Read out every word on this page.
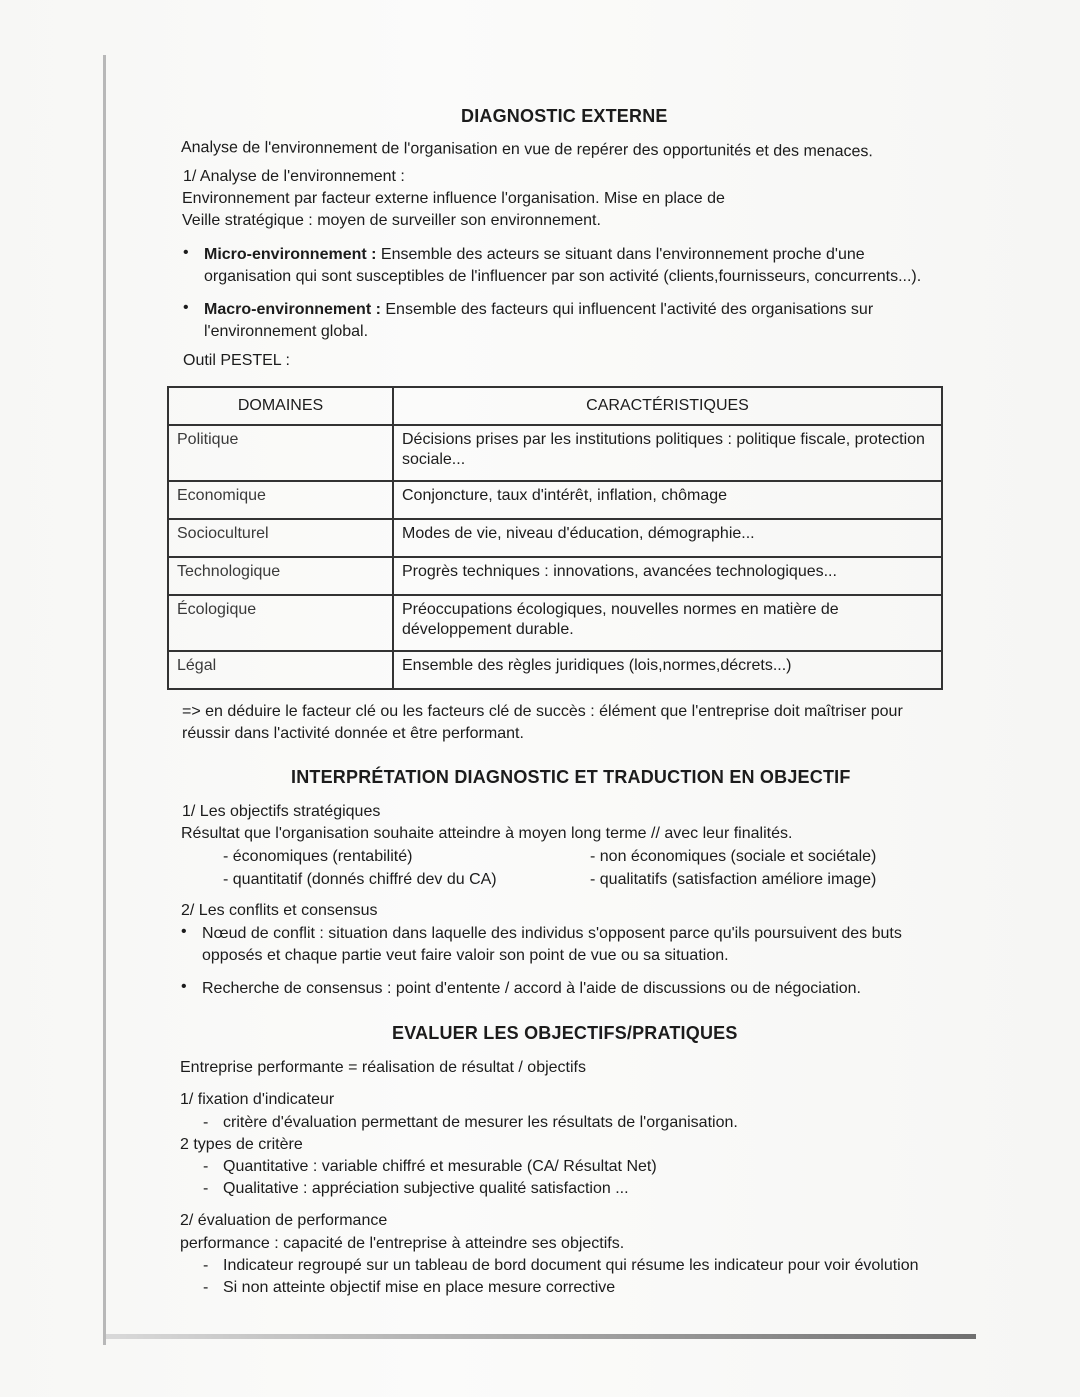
DIAGNOSTIC EXTERNE
Analyse de l'environnement de l'organisation en vue de repérer des opportunités et des menaces.
1/ Analyse de l'environnement :
Environnement par facteur externe influence l'organisation. Mise en place de
Veille stratégique : moyen de surveiller son environnement.
• Micro-environnement : Ensemble des acteurs se situant dans l'environnement proche d'une
organisation qui sont susceptibles de l'influencer par son activité (clients,fournisseurs, concurrents...).
• Macro-environnement : Ensemble des facteurs qui influencent l'activité des organisations sur
l'environnement global.
Outil PESTEL :
DOMAINES	CARACTÉRISTIQUES
Politique	Décisions prises par les institutions politiques : politique fiscale, protection sociale...
Economique	Conjoncture, taux d'intérêt, inflation, chômage
Socioculturel	Modes de vie, niveau d'éducation, démographie...
Technologique	Progrès techniques : innovations, avancées technologiques...
Écologique	Préoccupations écologiques, nouvelles normes en matière de développement durable.
Légal	Ensemble des règles juridiques (lois,normes,décrets...)
=> en déduire le facteur clé ou les facteurs clé de succès : élément que l'entreprise doit maîtriser pour
réussir dans l'activité donnée et être performant.
INTERPRÉTATION DIAGNOSTIC ET TRADUCTION EN OBJECTIF
1/ Les objectifs stratégiques
Résultat que l'organisation souhaite atteindre à moyen long terme // avec leur finalités.
- économiques (rentabilité)
- quantitatif (donnés chiffré dev du CA)
- non économiques (sociale et sociétale)
- qualitatifs (satisfaction améliore image)
2/ Les conflits et consensus
• Nœud de conflit : situation dans laquelle des individus s'opposent parce qu'ils poursuivent des buts
opposés et chaque partie veut faire valoir son point de vue ou sa situation.
• Recherche de consensus : point d'entente / accord à l'aide de discussions ou de négociation.
EVALUER LES OBJECTIFS/PRATIQUES
Entreprise performante = réalisation de résultat / objectifs
1/ fixation d'indicateur
- critère d'évaluation permettant de mesurer les résultats de l'organisation.
2 types de critère
- Quantitative : variable chiffré et mesurable (CA/ Résultat Net)
- Qualitative : appréciation subjective qualité satisfaction ...
2/ évaluation de performance
performance : capacité de l'entreprise à atteindre ses objectifs.
- Indicateur regroupé sur un tableau de bord document qui résume les indicateur pour voir évolution
- Si non atteinte objectif mise en place mesure corrective
